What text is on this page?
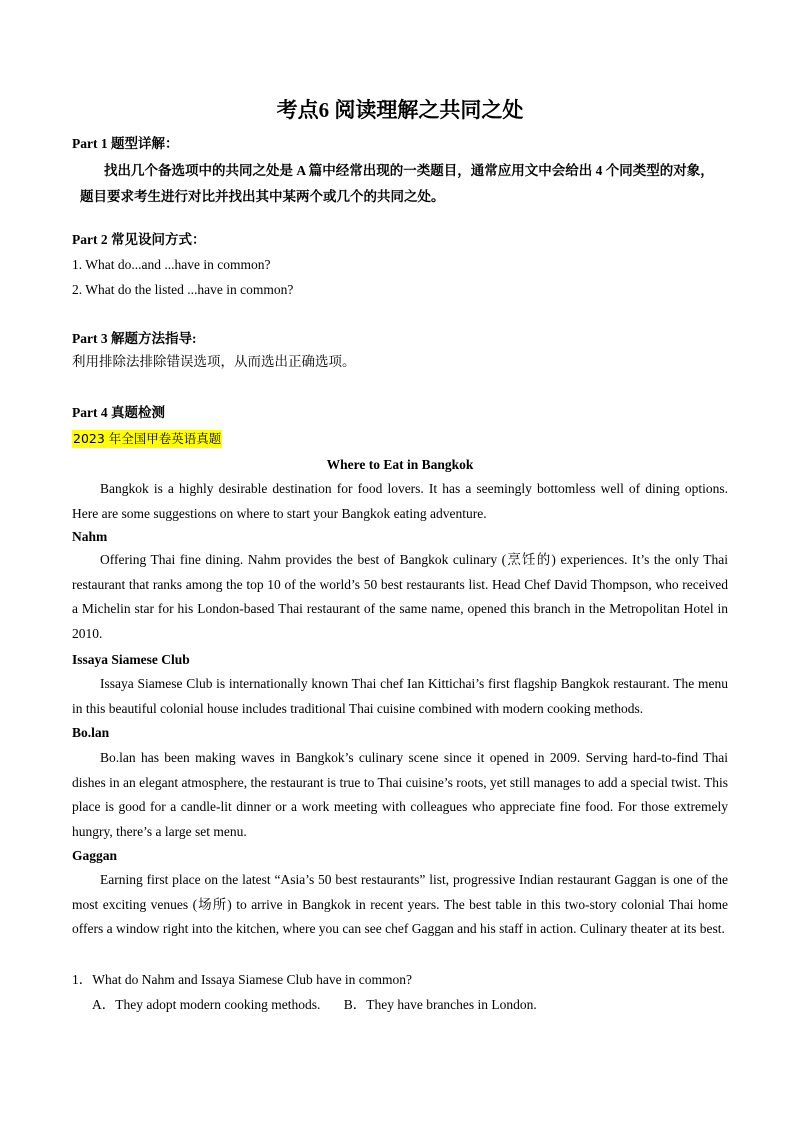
考点6 阅读理解之共同之处
Part 1 题型详解：
找出几个备选项中的共同之处是 A 篇中经常出现的一类题目，通常应用文中会给出 4 个同类型的对象，
题目要求考生进行对比并找出其中某两个或几个的共同之处。
Part 2 常见设问方式：
1. What do...and ...have in common?
2. What do the listed ...have in common?
Part 3 解题方法指导:
利用排除法排除错误选项，从而选出正确选项。
Part 4 真题检测
2023 年全国甲卷英语真题
Where to Eat in Bangkok
Bangkok is a highly desirable destination for food lovers. It has a seemingly bottomless well of dining options. Here are some suggestions on where to start your Bangkok eating adventure.
Nahm
Offering Thai fine dining. Nahm provides the best of Bangkok culinary (烹饪的) experiences. It’s the only Thai restaurant that ranks among the top 10 of the world’s 50 best restaurants list. Head Chef David Thompson, who received a Michelin star for his London-based Thai restaurant of the same name, opened this branch in the Metropolitan Hotel in 2010.
Issaya Siamese Club
Issaya Siamese Club is internationally known Thai chef Ian Kittichai’s first flagship Bangkok restaurant. The menu in this beautiful colonial house includes traditional Thai cuisine combined with modern cooking methods.
Bo.lan
Bo.lan has been making waves in Bangkok’s culinary scene since it opened in 2009. Serving hard-to-find Thai dishes in an elegant atmosphere, the restaurant is true to Thai cuisine’s roots, yet still manages to add a special twist. This place is good for a candle-lit dinner or a work meeting with colleagues who appreciate fine food. For those extremely hungry, there’s a large set menu.
Gaggan
Earning first place on the latest “Asia’s 50 best restaurants” list, progressive Indian restaurant Gaggan is one of the most exciting venues (场所) to arrive in Bangkok in recent years. The best table in this two-story colonial Thai home offers a window right into the kitchen, where you can see chef Gaggan and his staff in action. Culinary theater at its best.
1．What do Nahm and Issaya Siamese Club have in common?
A．They adopt modern cooking methods. B．They have branches in London.
